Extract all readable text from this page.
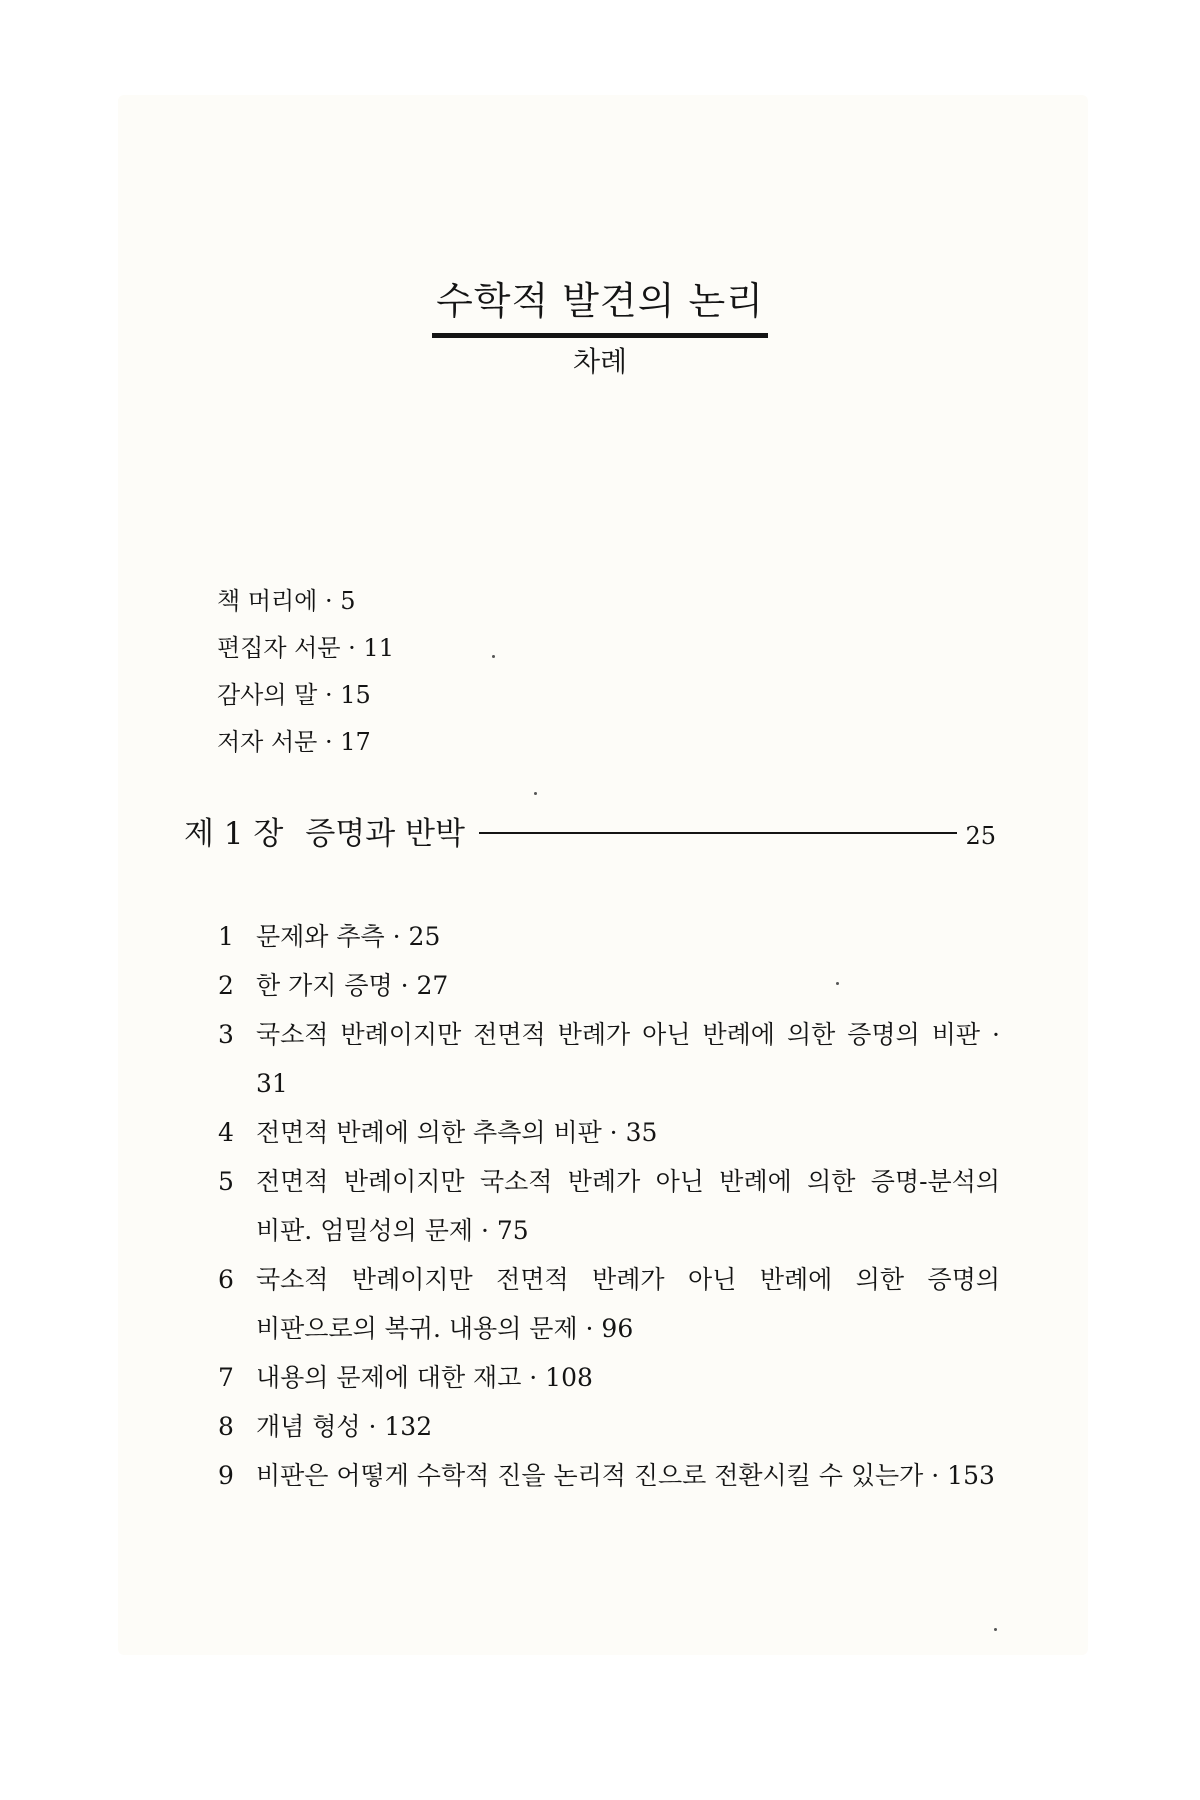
수학적 발견의 논리
차례
책 머리에 · 5
편집자 서문 · 11
감사의 말 · 15
저자 서문 · 17
제 1 장 증명과 반박	25
1 문제와 추측 · 25
2 한 가지 증명 · 27
3 국소적 반례이지만 전면적 반례가 아닌 반례에 의한 증명의 비판 · 31
4 전면적 반례에 의한 추측의 비판 · 35
5 전면적 반례이지만 국소적 반례가 아닌 반례에 의한 증명-분석의 비판. 엄밀성의 문제 · 75
6 국소적 반례이지만 전면적 반례가 아닌 반례에 의한 증명의 비판으로의 복귀. 내용의 문제 · 96
7 내용의 문제에 대한 재고 · 108
8 개념 형성 · 132
9 비판은 어떻게 수학적 진을 논리적 진으로 전환시킬 수 있는가 · 153
